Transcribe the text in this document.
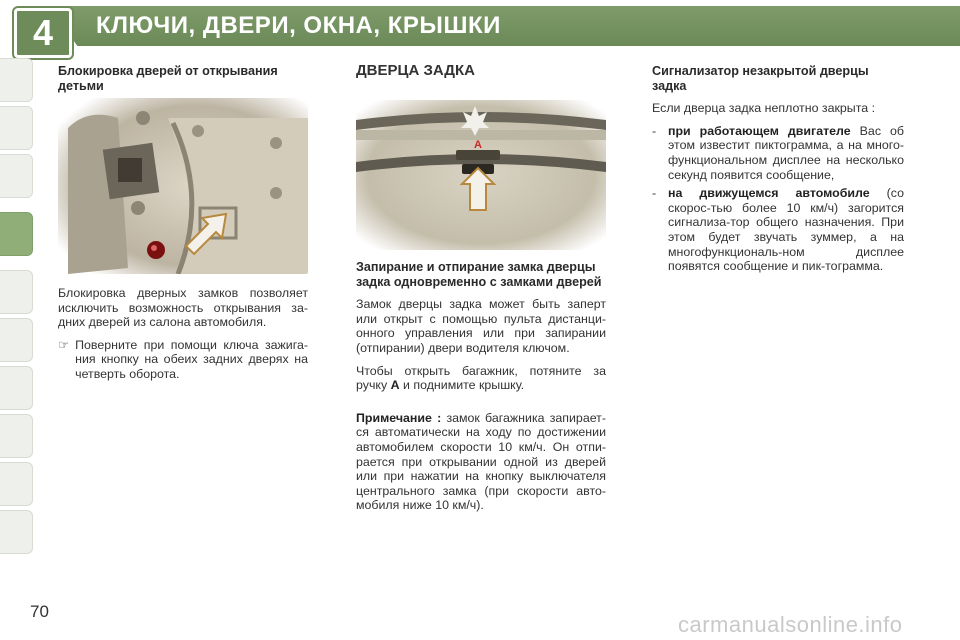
4	КЛЮЧИ, ДВЕРИ, ОКНА, КРЫШКИ
Блокировка дверей от открывания детьми

Блокировка дверных замков позволяет исключить возможность открывания за-дних дверей из салона автомобиля.

☞ Поверните при помощи ключа зажига-ния кнопку на обеих задних дверях на четверть оборота.
ДВЕРЦА ЗАДКА
A
Запирание и отпирание замка дверцы задка одновременно с замками дверей

Замок дверцы задка может быть заперт или открыт с помощью пульта дистанци-онного управления или при запирании (отпирании) двери водителя ключом.

Чтобы открыть багажник, потяните за ручку A и поднимите крышку.

Примечание : замок багажника запирает-ся автоматически на ходу по достижении автомобилем скорости 10 км/ч. Он отпи-рается при открывании одной из дверей или при нажатии на кнопку выключателя центрального замка (при скорости авто-мобиля ниже 10 км/ч).

Сигнализатор незакрытой дверцы задка

Если дверца задка неплотно закрыта :

- при работающем двигателе Вас об этом известит пиктограмма, а на много-функциональном дисплее на несколько секунд появится сообщение,
- на движущемся автомобиле (со скорос-тью более 10 км/ч) загорится сигнализа-тор общего назначения. При этом будет звучать зуммер, а на многофункциональ-ном дисплее появятся сообщение и пик-тограмма.
70
carmanualsonline.info
